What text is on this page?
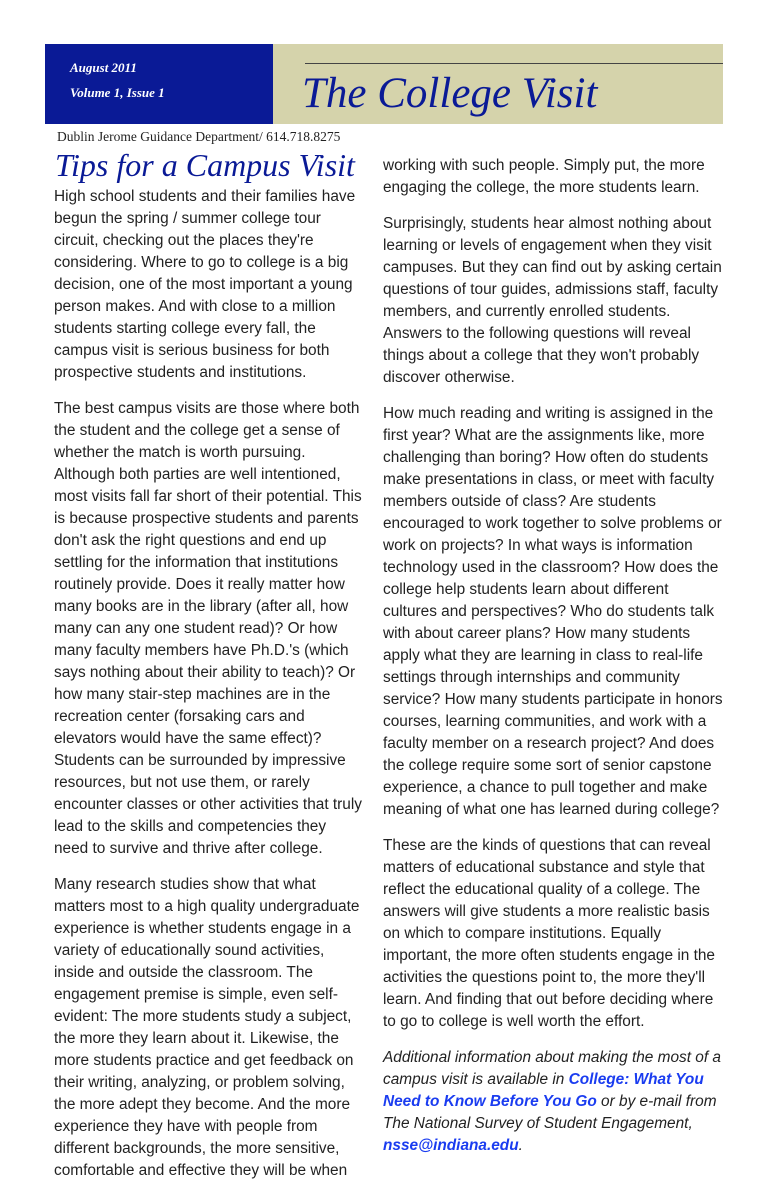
August 2011
Volume 1, Issue 1	The College Visit
Dublin Jerome Guidance Department/ 614.718.8275
Tips for a Campus Visit

High school students and their families have begun the spring / summer college tour circuit, checking out the places they're considering. Where to go to college is a big decision, one of the most important a young person makes. And with close to a million students starting college every fall, the campus visit is serious business for both prospective students and institutions.

The best campus visits are those where both the student and the college get a sense of whether the match is worth pursuing. Although both parties are well intentioned, most visits fall far short of their potential. This is because prospective students and parents don't ask the right questions and end up settling for the information that institutions routinely provide. Does it really matter how many books are in the library (after all, how many can any one student read)? Or how many faculty members have Ph.D.'s (which says nothing about their ability to teach)? Or how many stair-step machines are in the recreation center (forsaking cars and elevators would have the same effect)? Students can be surrounded by impressive resources, but not use them, or rarely encounter classes or other activities that truly lead to the skills and competencies they need to survive and thrive after college.

Many research studies show that what matters most to a high quality undergraduate experience is whether students engage in a variety of educationally sound activities, inside and outside the classroom. The engagement premise is simple, even self-evident: The more students study a subject, the more they learn about it. Likewise, the more students practice and get feedback on their writing, analyzing, or problem solving, the more adept they become. And the more experience they have with people from different backgrounds, the more sensitive, comfortable and effective they will be when

working with such people. Simply put, the more engaging the college, the more students learn.

Surprisingly, students hear almost nothing about learning or levels of engagement when they visit campuses. But they can find out by asking certain questions of tour guides, admissions staff, faculty members, and currently enrolled students. Answers to the following questions will reveal things about a college that they won't probably discover otherwise.

How much reading and writing is assigned in the first year? What are the assignments like, more challenging than boring? How often do students make presentations in class, or meet with faculty members outside of class? Are students encouraged to work together to solve problems or work on projects? In what ways is information technology used in the classroom? How does the college help students learn about different cultures and perspectives? Who do students talk with about career plans? How many students apply what they are learning in class to real-life settings through internships and community service? How many students participate in honors courses, learning communities, and work with a faculty member on a research project? And does the college require some sort of senior capstone experience, a chance to pull together and make meaning of what one has learned during college?

These are the kinds of questions that can reveal matters of educational substance and style that reflect the educational quality of a college. The answers will give students a more realistic basis on which to compare institutions. Equally important, the more often students engage in the activities the questions point to, the more they'll learn. And finding that out before deciding where to go to college is well worth the effort.

Additional information about making the most of a campus visit is available in College: What You Need to Know Before You Go or by e-mail from The National Survey of Student Engagement, nsse@indiana.edu.
